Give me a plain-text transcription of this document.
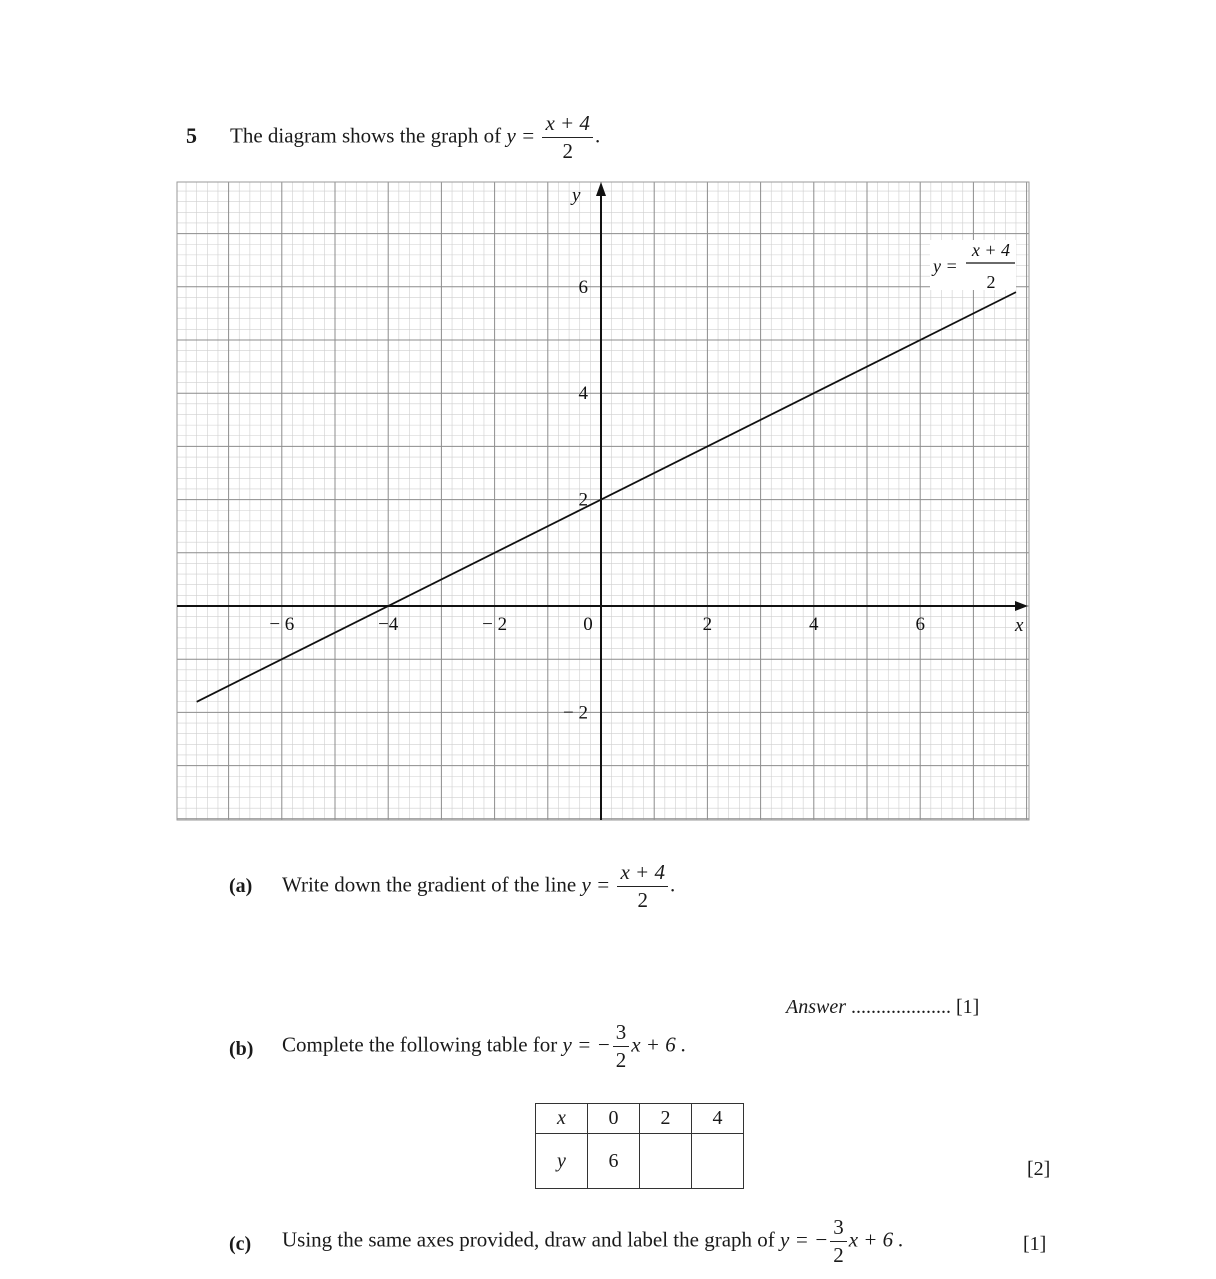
5 The diagram shows the graph of $y = \frac{x + 4}{2}$ .
x
y
− 6	−4	− 2	2	4	6
6
4
2
− 2
0
y =
x + 4
2
(a) Write down the gradient of the line $y = \frac{x + 4}{2}$ .
Answer .................... [1]
(b) Complete the following table for y = − $\frac{3}{2}$ x + 6 .
x	0	2	4
y	6			[2]
(c) Using the same axes provided, draw and label the graph of y = − $\frac{3}{2}$ x + 6 .	[1]
